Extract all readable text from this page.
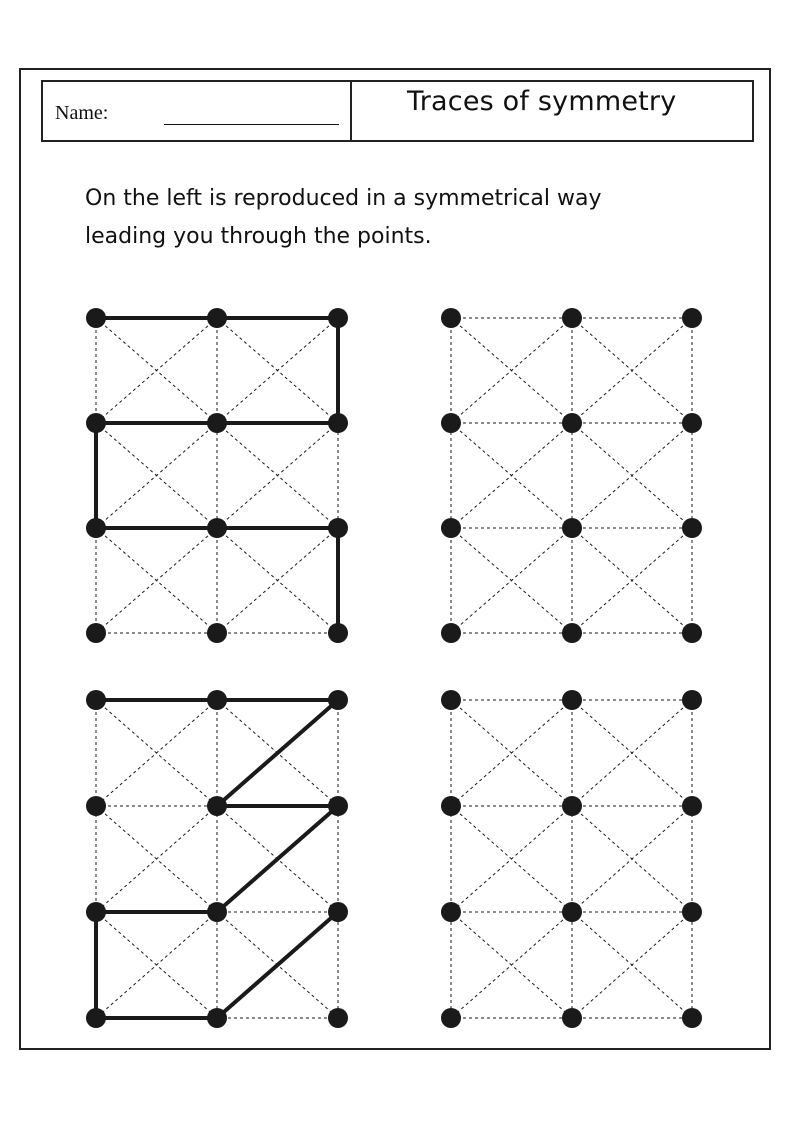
Name:	Traces of symmetry
On the left is reproduced in a symmetrical way
leading you through the points.
